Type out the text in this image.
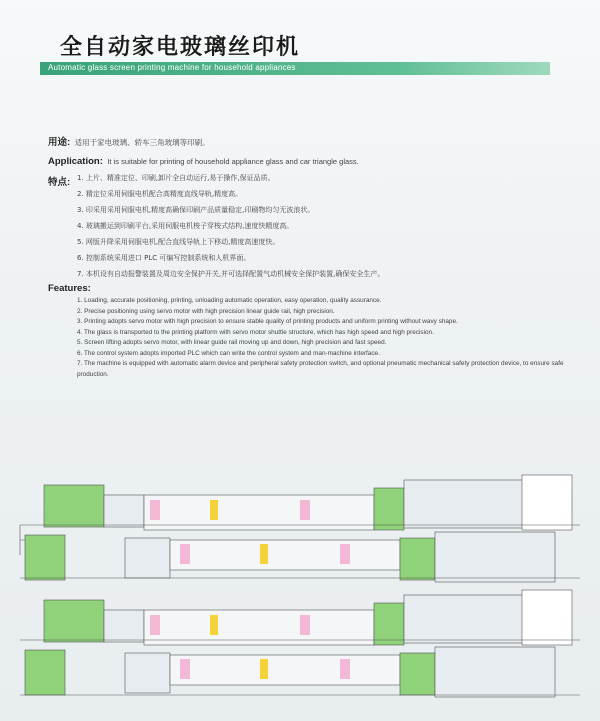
全自动家电玻璃丝印机
Automatic glass screen printing machine for household appliances
用途: 适用于家电玻璃、轿车三角玻璃等印刷。
Application: It is suitable for printing of household appliance glass and car triangle glass.
特点: 1. 上片、精准定位、印刷,卸片全自动运行,易于操作,保证品质。
2. 精定位采用伺服电机配合高精度直线导轨,精度高。
3. 印采用采用伺服电机,精度高确保印刷产品质量稳定,印刷物均匀无波浪状。
4. 玻璃搬运到印刷平台,采用伺服电机梭子穿梭式结构,速度快精度高。
5. 网版升降采用伺服电机,配合直线导轨上下移动,精度高速度快。
6. 控制系统采用进口 PLC 可编写控制系统和人机界面。
7. 本机设有自动报警装置及周边安全保护开关,并可选择配置气动机械安全保护装置,确保安全生产。
Features:
1. Loading, accurate positioning, printing, unloading automatic operation, easy operation, quality assurance.
2. Precise positioning using servo motor with high precision linear guide rail, high precision.
3. Printing adopts servo motor with high precision to ensure stable quality of printing products and uniform printing without wavy shape.
4. The glass is transported to the printing platform with servo motor shuttle structure, which has high speed and high precision.
5. Screen lifting adopts servo motor, with linear guide rail moving up and down, high precision and fast speed.
6. The control system adopts imported PLC which can write the control system and man-machine interface.
7. The machine is equipped with automatic alarm device and peripheral safety protection switch, and optional pneumatic mechanical safety protection device, to ensure safe production.
